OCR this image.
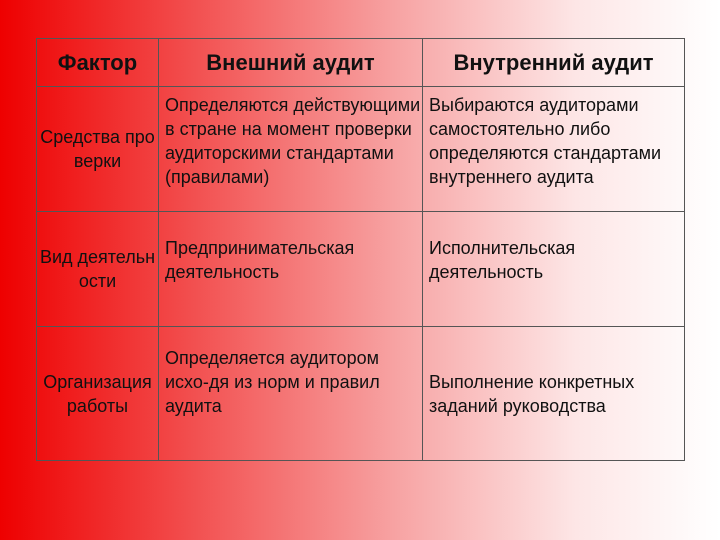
Фактор	Внешний аудит	Внутренний аудит
Средства проверки	Определяются действующими в стране на момент проверки аудиторскими стандартами (правилами)	Выбираются аудиторами самостоятельно либо определяются стандартами внутреннего аудита
Вид деятельности	Предпринимательская деятельность	Исполнительская деятельность
Организация работы	Определяется аудитором исхо-дя из норм и правил аудита	Выполнение конкретных заданий руководства
